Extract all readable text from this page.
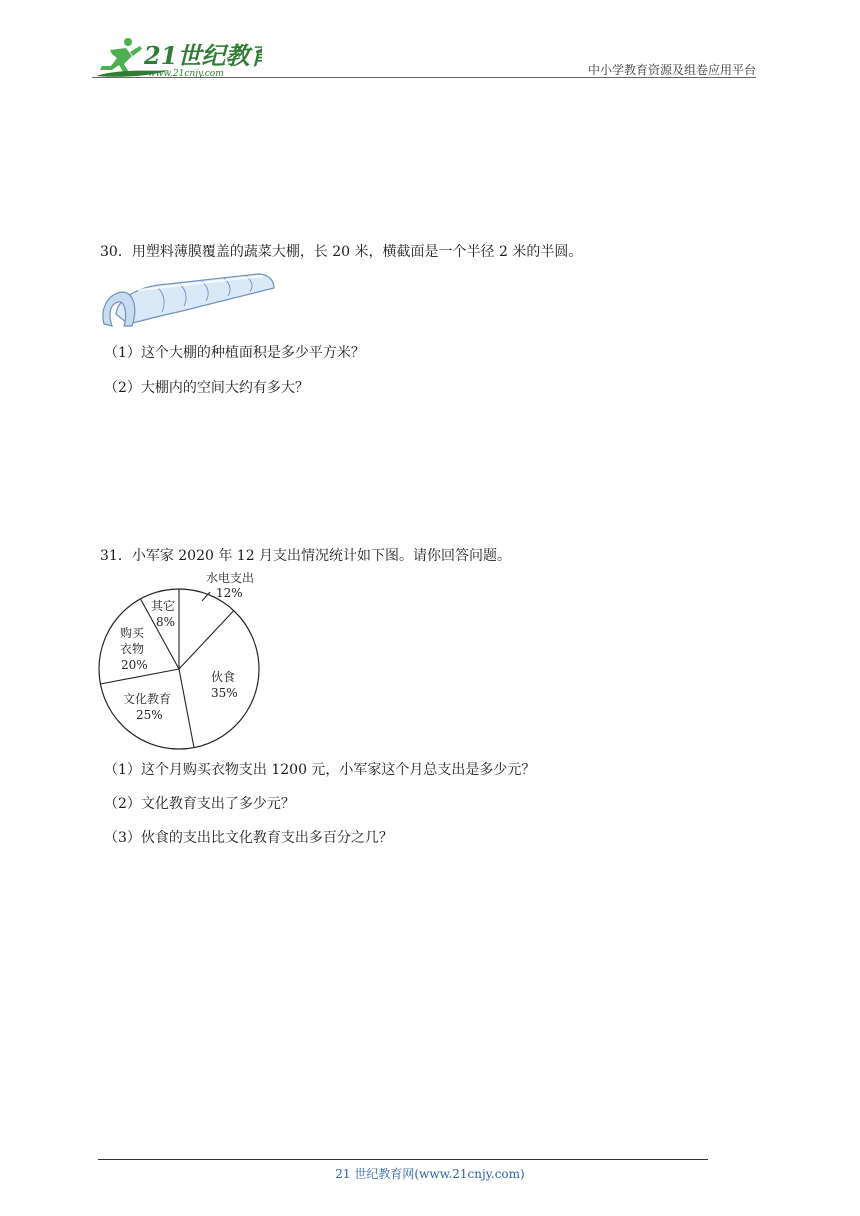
21世纪教育
www.21cnjy.com	中小学教育资源及组卷应用平台
30．用塑料薄膜覆盖的蔬菜大棚，长 20 米，横截面是一个半径 2 米的半圆。
（1）这个大棚的种植面积是多少平方米？
（2）大棚内的空间大约有多大？
31．小军家 2020 年 12 月支出情况统计如下图。请你回答问题。
水电支出
12%
伙食
35%
文化教育
25%
购买
衣物
20%
其它
8%
（1）这个月购买衣物支出 1200 元，小军家这个月总支出是多少元？
（2）文化教育支出了多少元？
（3）伙食的支出比文化教育支出多百分之几？
21 世纪教育网(www.21cnjy.com)
